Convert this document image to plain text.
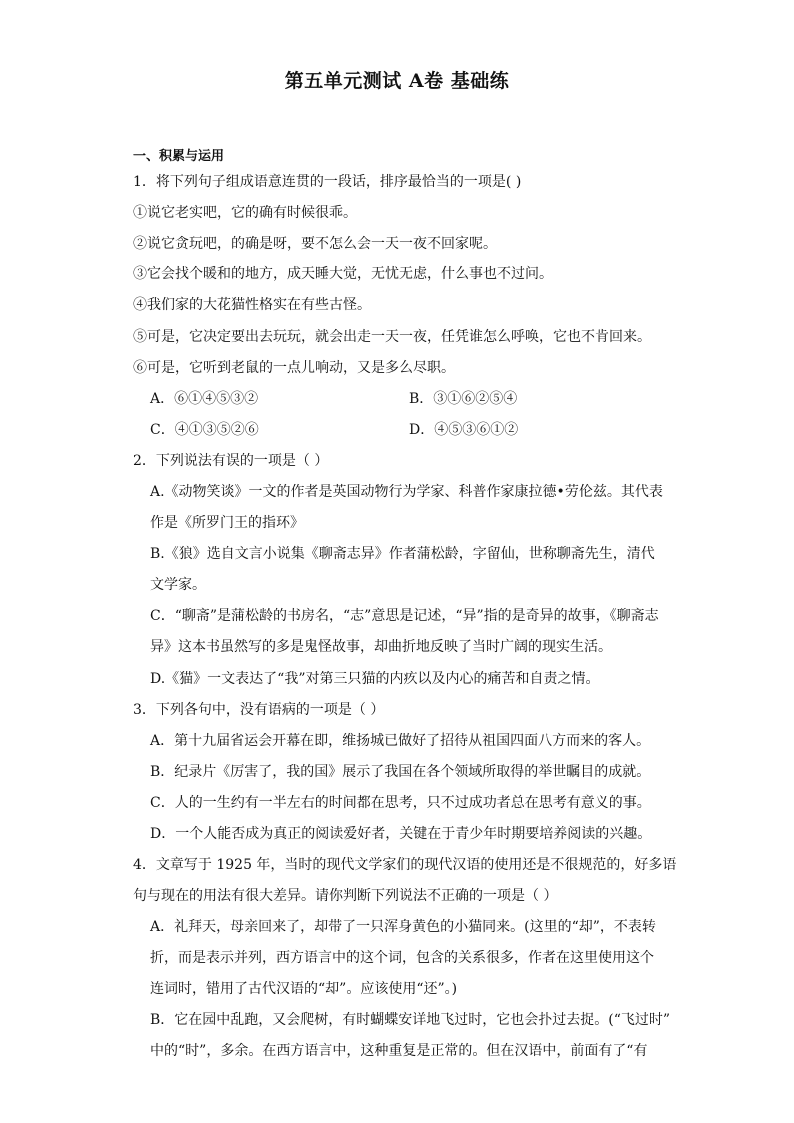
第五单元测试 A卷 基础练
一、积累与运用
1．将下列句子组成语意连贯的一段话，排序最恰当的一项是( )
①说它老实吧，它的确有时候很乖。
②说它贪玩吧，的确是呀，要不怎么会一天一夜不回家呢。
③它会找个暖和的地方，成天睡大觉，无忧无虑，什么事也不过问。
④我们家的大花猫性格实在有些古怪。
⑤可是，它决定要出去玩玩，就会出走一天一夜，任凭谁怎么呼唤，它也不肯回来。
⑥可是，它听到老鼠的一点儿响动，又是多么尽职。
A．⑥①④⑤③②	B．③①⑥②⑤④
C．④①③⑤②⑥	D．④⑤③⑥①②
2．下列说法有误的一项是（ ）
A.《动物笑谈》一文的作者是英国动物行为学家、科普作家康拉德•劳伦兹。其代表
作是《所罗门王的指环》
B.《狼》选自文言小说集《聊斋志异》作者蒲松龄，字留仙，世称聊斋先生，清代
文学家。
C．“聊斋”是蒲松龄的书房名，“志”意思是记述，“异”指的是奇异的故事，《聊斋志
异》这本书虽然写的多是鬼怪故事，却曲折地反映了当时广阔的现实生活。
D.《猫》一文表达了“我”对第三只猫的内疚以及内心的痛苦和自责之情。
3．下列各句中，没有语病的一项是（ ）
A．第十九届省运会开幕在即，维扬城已做好了招待从祖国四面八方而来的客人。
B．纪录片《厉害了，我的国》展示了我国在各个领域所取得的举世瞩目的成就。
C．人的一生约有一半左右的时间都在思考，只不过成功者总在思考有意义的事。
D．一个人能否成为真正的阅读爱好者，关键在于青少年时期要培养阅读的兴趣。
4．文章写于 1925 年，当时的现代文学家们的现代汉语的使用还是不很规范的，好多语
句与现在的用法有很大差异。请你判断下列说法不正确的一项是（ ）
A．礼拜天，母亲回来了，却带了一只浑身黄色的小猫同来。(这里的“却”，不表转
折，而是表示并列，西方语言中的这个词，包含的关系很多，作者在这里使用这个
连词时，错用了古代汉语的“却”。应该使用“还”。)
B．它在园中乱跑，又会爬树，有时蝴蝶安详地飞过时，它也会扑过去捉。(“飞过时”
中的“时”，多余。在西方语言中，这种重复是正常的。但在汉语中，前面有了“有
